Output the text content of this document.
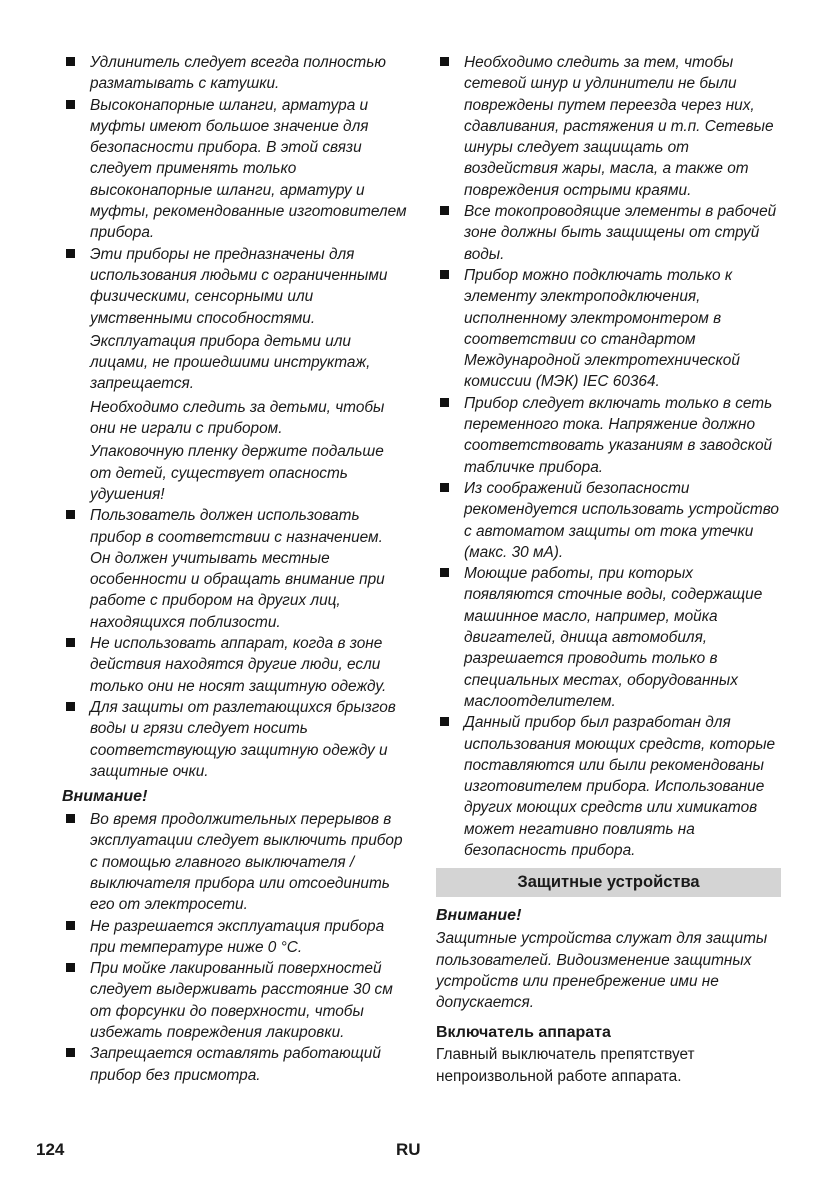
Удлинитель следует всегда полностью разматывать с катушки.

Высоконапорные шланги, арматура и муфты имеют большое значение для безопасности прибора. В этой связи следует применять только высоконапорные шланги, арматуру и муфты, рекомендованные изготовителем прибора.

Эти приборы не предназначены для использования людьми с ограниченными физическими, сенсорными или умственными способностями.

Эксплуатация прибора детьми или лицами, не прошедшими инструктаж, запрещается.

Необходимо следить за детьми, чтобы они не играли с прибором.

Упаковочную пленку держите подальше от детей, существует опасность удушения!

Пользователь должен использовать прибор в соответствии с назначением. Он должен учитывать местные особенности и обращать внимание при работе с прибором на других лиц, находящихся поблизости.

Не использовать аппарат, когда в зоне действия находятся другие люди, если только они не носят защитную одежду.

Для защиты от разлетающихся брызгов воды и грязи следует носить соответствующую защитную одежду и защитные очки.

Внимание!

Во время продолжительных перерывов в эксплуатации следует выключить прибор с помощью главного выключателя / выключателя прибора или отсоединить его от электросети.

Не разрешается эксплуатация прибора при температуре ниже 0 °C.

При мойке лакированный поверхностей следует выдерживать расстояние 30 см от форсунки до поверхности, чтобы избежать повреждения лакировки.

Запрещается оставлять работающий прибор без присмотра.

Необходимо следить за тем, чтобы сетевой шнур и удлинители не были повреждены путем переезда через них, сдавливания, растяжения и т.п. Сетевые шнуры следует защищать от воздействия жары, масла, а также от повреждения острыми краями.

Все токопроводящие элементы в рабочей зоне должны быть защищены от струй воды.

Прибор можно подключать только к элементу электроподключения, исполненному электромонтером в соответствии со стандартом Международной электротехнической комиссии (МЭК) IEC 60364.

Прибор следует включать только в сеть переменного тока. Напряжение должно соответствовать указаниям в заводской табличке прибора.

Из соображений безопасности рекомендуется использовать устройство с автоматом защиты от тока утечки (макс. 30 мА).

Моющие работы, при которых появляются сточные воды, содержащие машинное масло, например, мойка двигателей, днища автомобиля, разрешается проводить только в специальных местах, оборудованных маслоотделителем.

Данный прибор был разработан для использования моющих средств, которые поставляются или были рекомендованы изготовителем прибора. Использование других моющих средств или химикатов может негативно повлиять на безопасность прибора.

Защитные устройства
Внимание!

Защитные устройства служат для защиты пользователей. Видоизменение защитных устройств или пренебрежение ими не допускается.

Включатель аппарата

Главный выключатель препятствует непроизвольной работе аппарата.

124	RU
